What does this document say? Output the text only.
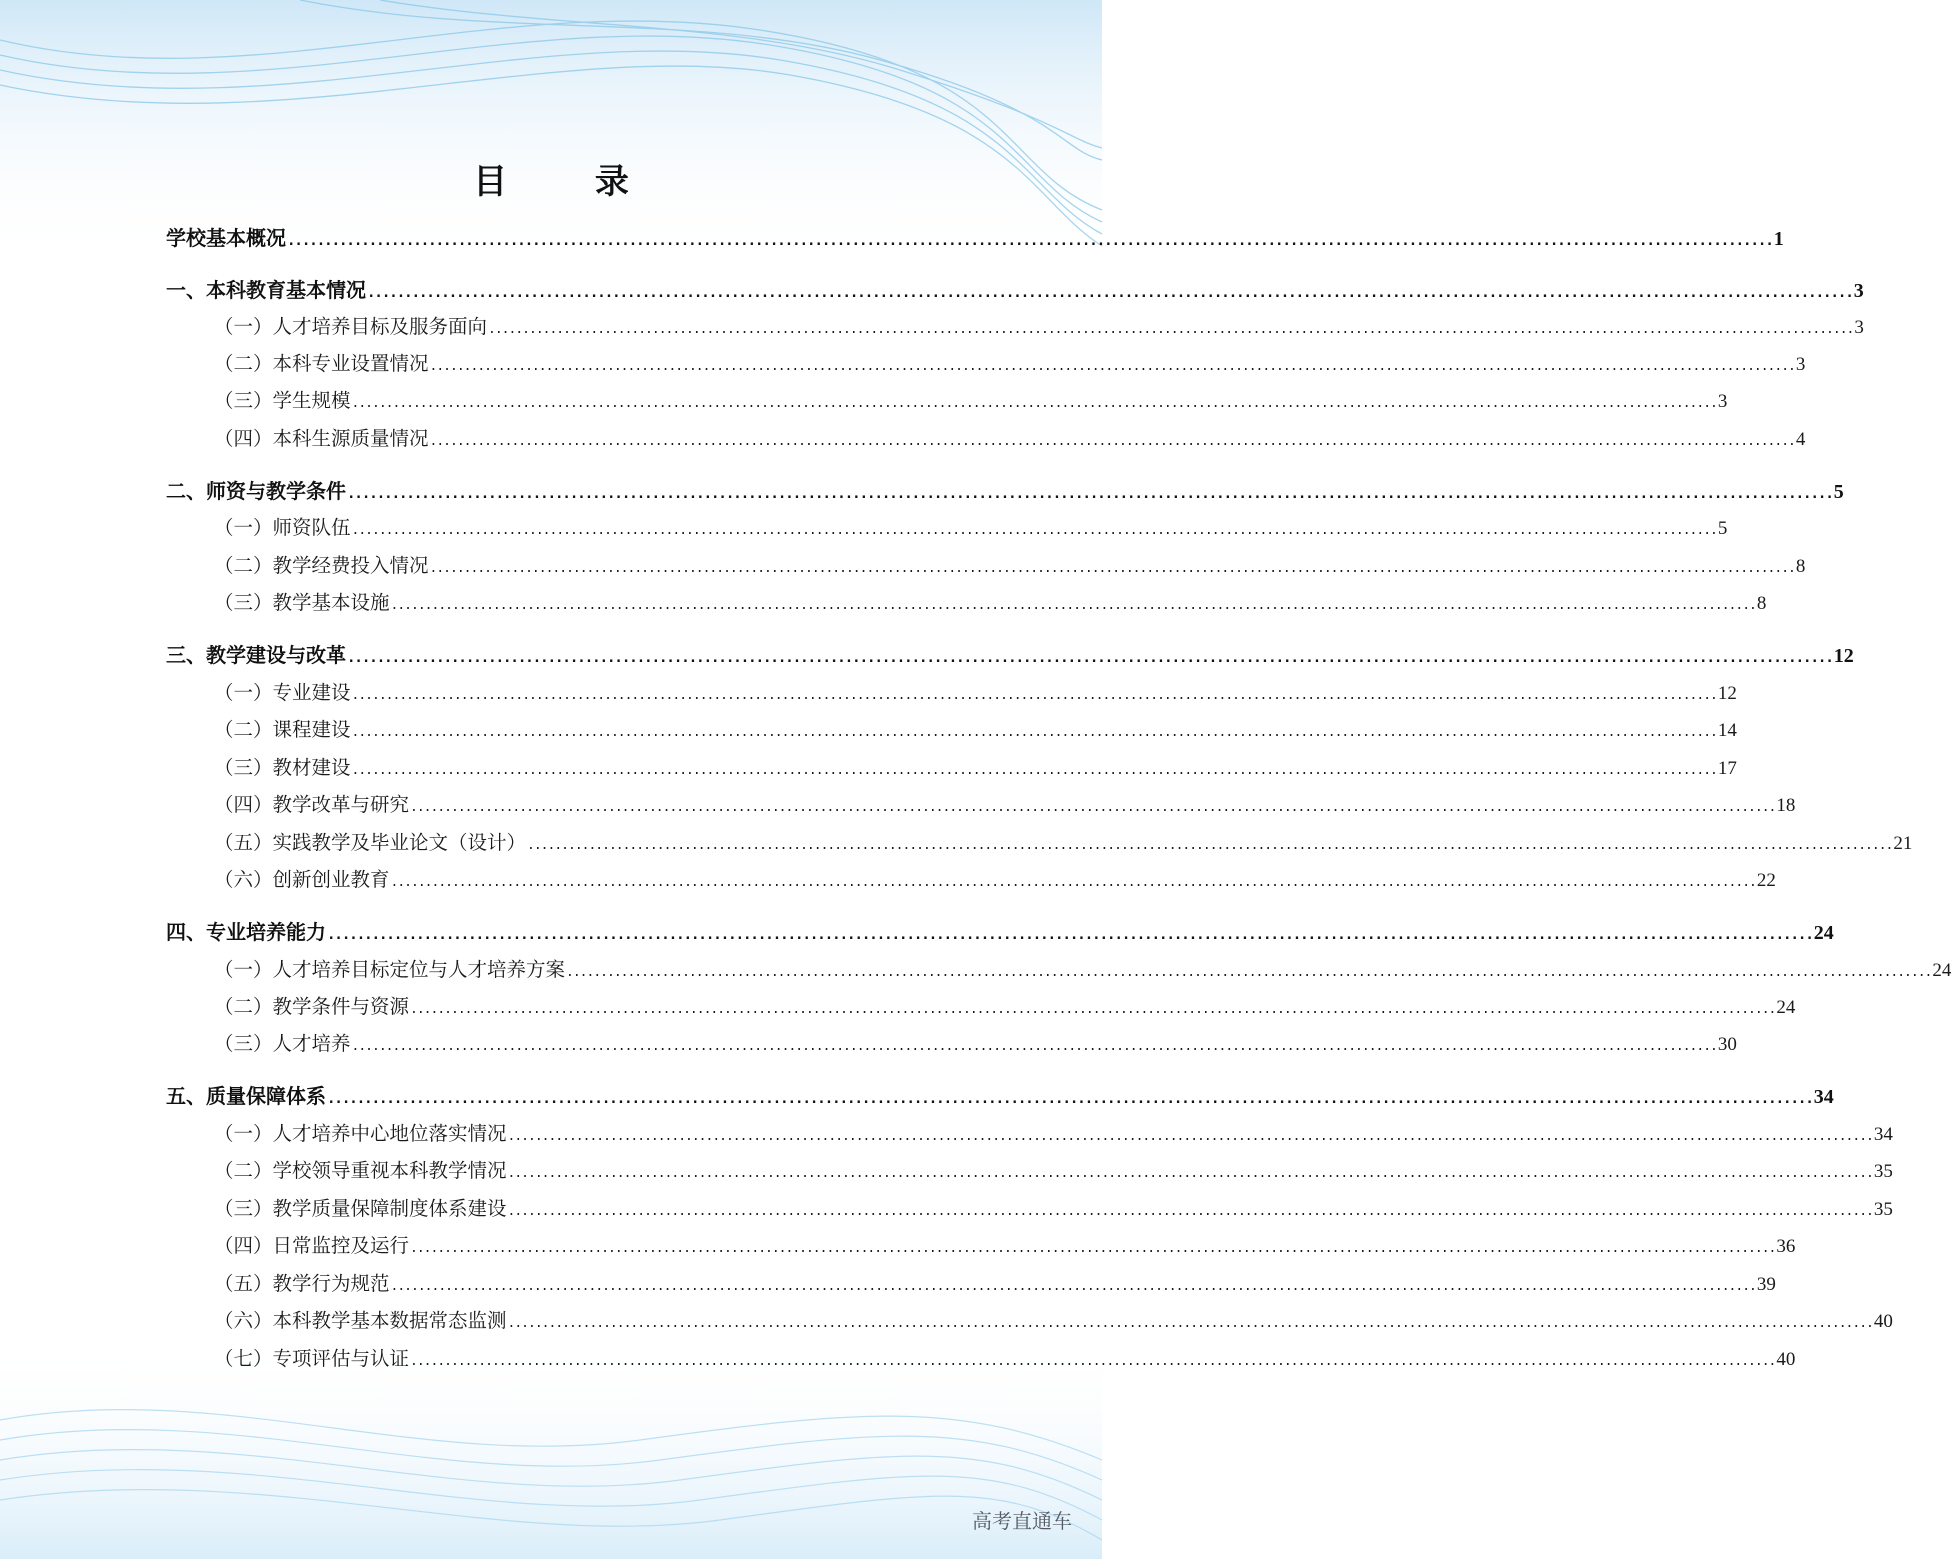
目 录
学校基本概况 ........................................................................................................................................................................................................ 1
一、本科教育基本情况 ........................................................................................................................................................................................................ 3
（一） 人才培养目标及服务面向 ........................................................................................................................................................................................................ 3
（二） 本科专业设置情况 ........................................................................................................................................................................................................ 3
（三） 学生规模 ........................................................................................................................................................................................................ 3
（四） 本科生源质量情况 ........................................................................................................................................................................................................ 4
二、师资与教学条件 ........................................................................................................................................................................................................ 5
（一） 师资队伍 ........................................................................................................................................................................................................ 5
（二） 教学经费投入情况 ........................................................................................................................................................................................................ 8
（三） 教学基本设施 ........................................................................................................................................................................................................ 8
三、教学建设与改革 ........................................................................................................................................................................................................ 12
（一） 专业建设 ........................................................................................................................................................................................................ 12
（二） 课程建设 ........................................................................................................................................................................................................ 14
（三） 教材建设 ........................................................................................................................................................................................................ 17
（四） 教学改革与研究 ........................................................................................................................................................................................................ 18
（五） 实践教学及毕业论文（设计） ........................................................................................................................................................................................................ 21
（六） 创新创业教育 ........................................................................................................................................................................................................ 22
四、专业培养能力 ........................................................................................................................................................................................................ 24
（一） 人才培养目标定位与人才培养方案 ........................................................................................................................................................................................................ 24
（二） 教学条件与资源 ........................................................................................................................................................................................................ 24
（三） 人才培养 ........................................................................................................................................................................................................ 30
五、质量保障体系 ........................................................................................................................................................................................................ 34
（一） 人才培养中心地位落实情况 ........................................................................................................................................................................................................ 34
（二） 学校领导重视本科教学情况 ........................................................................................................................................................................................................ 35
（三） 教学质量保障制度体系建设 ........................................................................................................................................................................................................ 35
（四） 日常监控及运行 ........................................................................................................................................................................................................ 36
（五） 教学行为规范 ........................................................................................................................................................................................................ 39
（六） 本科教学基本数据常态监测 ........................................................................................................................................................................................................ 40
（七） 专项评估与认证 ........................................................................................................................................................................................................ 40
高考直通车
